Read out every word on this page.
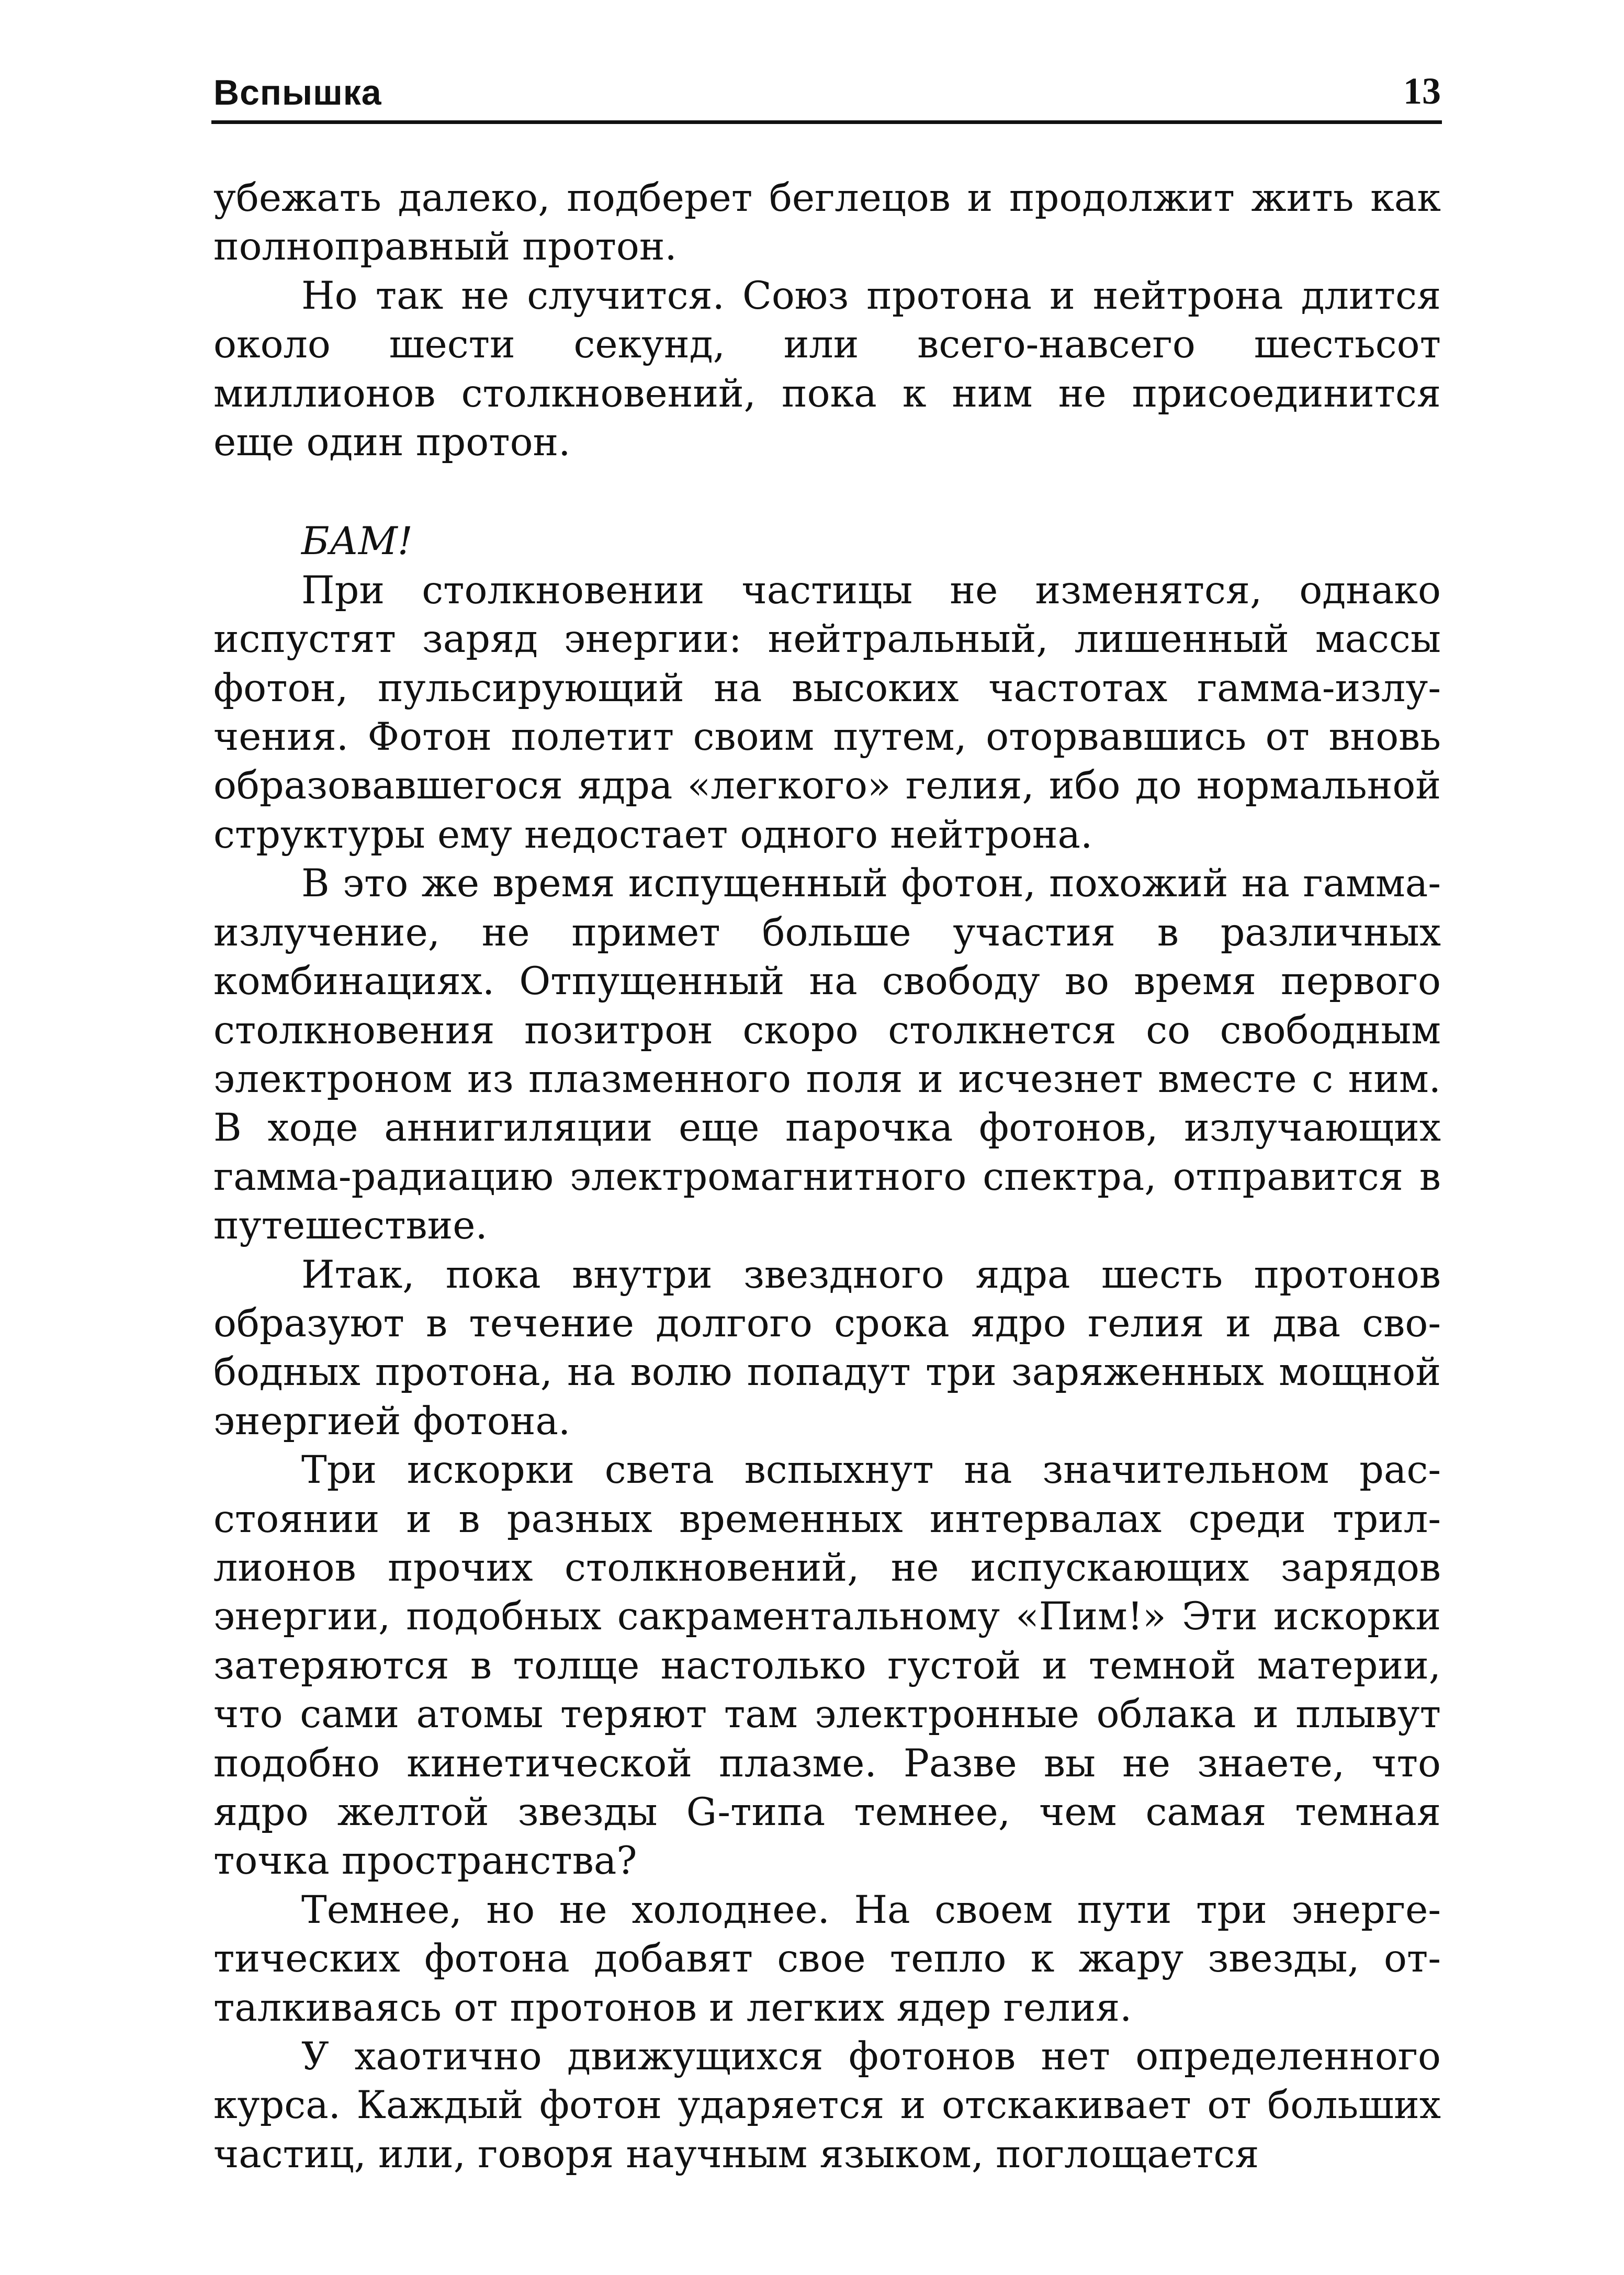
Вспышка	13

убежать далеко, подберет беглецов и продолжит жить как полноправный протон.

Но так не случится. Союз протона и нейтрона длится около шести секунд, или всего-навсего шестьсот миллионов столкновений, пока к ним не присоединится еще один протон.

БАМ!

При столкновении частицы не изменятся, однако испустят заряд энергии: нейтральный, лишенный массы фотон, пульсирующий на высоких частотах гамма-излучения. Фотон полетит своим путем, оторвавшись от вновь образовавшегося ядра «легкого» гелия, ибо до нормальной структуры ему недостает одного нейтрона.

В это же время испущенный фотон, похожий на гамма-излучение, не примет больше участия в различных комбинациях. Отпущенный на свободу во время первого столкновения позитрон скоро столкнется со свободным электроном из плазменного поля и исчезнет вместе с ним. В ходе аннигиляции еще парочка фотонов, излучающих гамма-радиацию электромагнитного спектра, отправится в путешествие.

Итак, пока внутри звездного ядра шесть протонов образуют в течение долгого срока ядро гелия и два свободных протона, на волю попадут три заряженных мощной энергией фотона.

Три искорки света вспыхнут на значительном расстоянии и в разных временных интервалах среди триллионов прочих столкновений, не испускающих зарядов энергии, подобных сакраментальному «Пим!» Эти искорки затеряются в толще настолько густой и темной материи, что сами атомы теряют там электронные облака и плывут подобно кинетической плазме. Разве вы не знаете, что ядро желтой звезды G-типа темнее, чем самая темная точка пространства?

Темнее, но не холоднее. На своем пути три энергетических фотона добавят свое тепло к жару звезды, отталкиваясь от протонов и легких ядер гелия.

У хаотично движущихся фотонов нет определенного курса. Каждый фотон ударяется и отскакивает от больших частиц, или, говоря научным языком, поглощается
